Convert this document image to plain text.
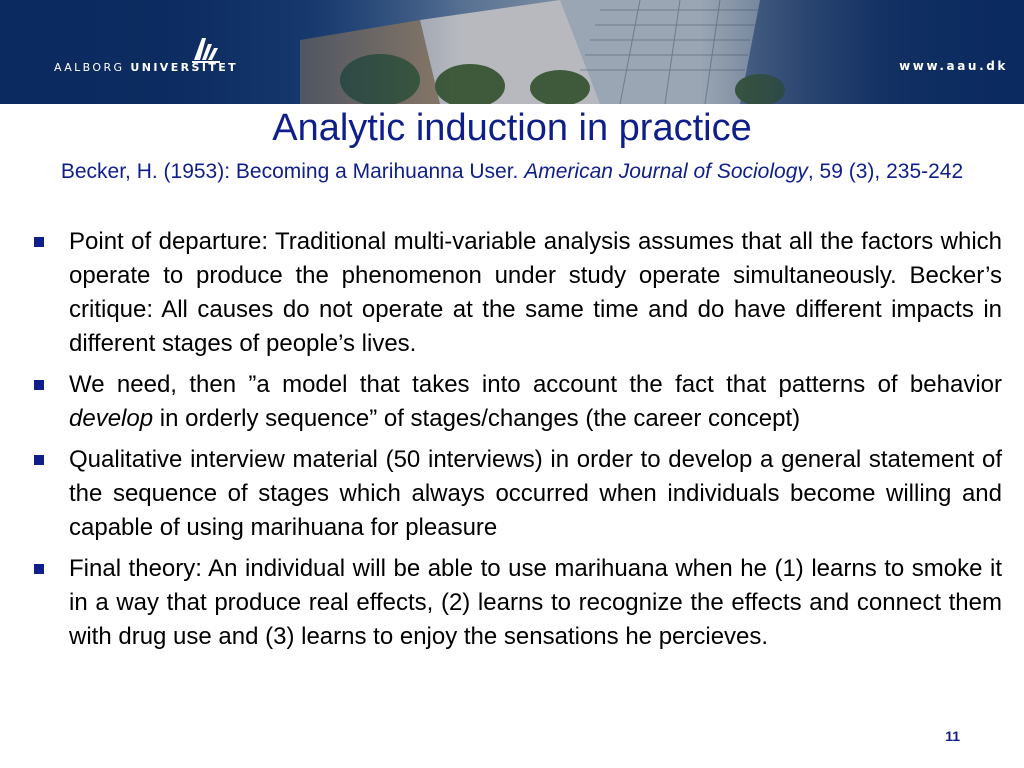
AALBORG UNIVERSITET	www.aau.dk
Analytic induction in practice
Becker, H. (1953): Becoming a Marihuanna User. American Journal of Sociology, 59 (3), 235-242
Point of departure: Traditional multi-variable analysis assumes that all the factors which operate to produce the phenomenon under study operate simultaneously. Becker’s critique: All causes do not operate at the same time and do have different impacts in different stages of people’s lives.
We need, then ”a model that takes into account the fact that patterns of behavior develop in orderly sequence” of stages/changes (the career concept)
Qualitative interview material (50 interviews) in order to develop a general statement of the sequence of stages which always occurred when individuals become willing and capable of using marihuana for pleasure
Final theory: An individual will be able to use marihuana when he (1) learns to smoke it in a way that produce real effects, (2) learns to recognize the effects and connect them with drug use and (3) learns to enjoy the sensations he percieves.
11
